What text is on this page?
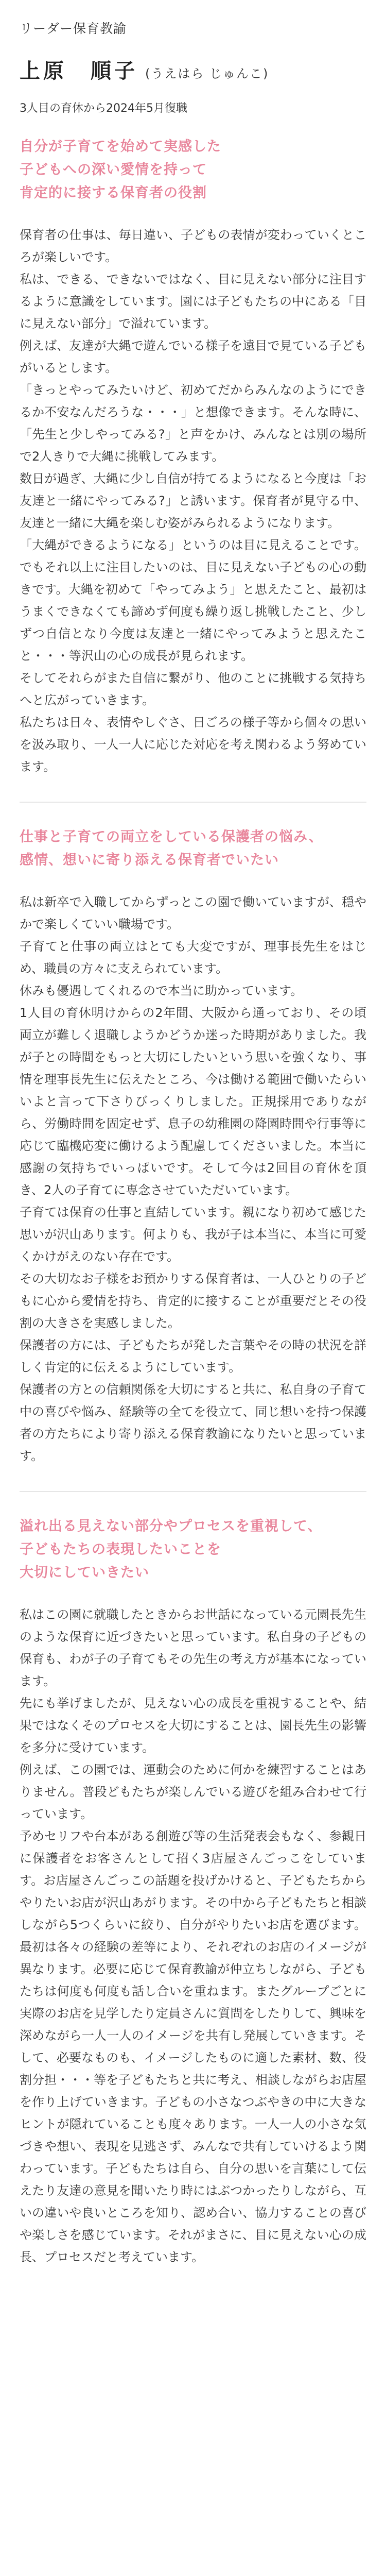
リーダー保育教諭
上原　順子 (うえはら じゅんこ)
3人目の育休から2024年5月復職
自分が子育てを始めて実感した
子どもへの深い愛情を持って
肯定的に接する保育者の役割

保育者の仕事は、毎日違い、子どもの表情が変わっていくところが楽しいです。

私は、できる、できないではなく、目に見えない部分に注目するように意識をしています。園には子どもたちの中にある「目に見えない部分」で溢れています。

例えば、友達が大縄で遊んでいる様子を遠目で見ている子どもがいるとします。

「きっとやってみたいけど、初めてだからみんなのようにできるか不安なんだろうな・・・」と想像できます。そんな時に、「先生と少しやってみる?」と声をかけ、みんなとは別の場所で2人きりで大縄に挑戦してみます。

数日が過ぎ、大縄に少し自信が持てるようになると今度は「お友達と一緒にやってみる?」と誘います。保育者が見守る中、友達と一緒に大縄を楽しむ姿がみられるようになります。

「大縄ができるようになる」というのは目に見えることです。でもそれ以上に注目したいのは、目に見えない子どもの心の動きです。大縄を初めて「やってみよう」と思えたこと、最初はうまくできなくても諦めず何度も繰り返し挑戦したこと、少しずつ自信となり今度は友達と一緒にやってみようと思えたこと・・・等沢山の心の成長が見られます。

そしてそれらがまた自信に繋がり、他のことに挑戦する気持ちへと広がっていきます。

私たちは日々、表情やしぐさ、日ごろの様子等から個々の思いを汲み取り、一人一人に応じた対応を考え関わるよう努めています。

仕事と子育ての両立をしている保護者の悩み、
感情、想いに寄り添える保育者でいたい

私は新卒で入職してからずっとこの園で働いていますが、穏やかで楽しくていい職場です。

子育てと仕事の両立はとても大変ですが、理事長先生をはじめ、職員の方々に支えられています。

休みも優遇してくれるので本当に助かっています。

1人目の育休明けからの2年間、大阪から通っており、その頃両立が難しく退職しようかどうか迷った時期がありました。我が子との時間をもっと大切にしたいという思いを強くなり、事情を理事長先生に伝えたところ、今は働ける範囲で働いたらいいよと言って下さりびっくりしました。正規採用でありながら、労働時間を固定せず、息子の幼稚園の降園時間や行事等に応じて臨機応変に働けるよう配慮してくださいました。本当に感謝の気持ちでいっぱいです。そして今は2回目の育休を頂き、2人の子育てに専念させていただいています。

子育ては保育の仕事と直結しています。親になり初めて感じた思いが沢山あります。何よりも、我が子は本当に、本当に可愛くかけがえのない存在です。

その大切なお子様をお預かりする保育者は、一人ひとりの子どもに心から愛情を持ち、肯定的に接することが重要だとその役割の大きさを実感しました。

保護者の方には、子どもたちが発した言葉やその時の状況を詳しく肯定的に伝えるようにしています。

保護者の方との信頼関係を大切にすると共に、私自身の子育て中の喜びや悩み、経験等の全てを役立て、同じ想いを持つ保護者の方たちにより寄り添える保育教諭になりたいと思っています。

溢れ出る見えない部分やプロセスを重視して、
子どもたちの表現したいことを
大切にしていきたい

私はこの園に就職したときからお世話になっている元園長先生のような保育に近づきたいと思っています。私自身の子どもの保育も、わが子の子育てもその先生の考え方が基本になっています。

先にも挙げましたが、見えない心の成長を重視することや、結果ではなくそのプロセスを大切にすることは、園長先生の影響を多分に受けています。

例えば、この園では、運動会のために何かを練習することはありません。普段どもたちが楽しんでいる遊びを組み合わせて行っています。

予めセリフや台本がある創遊び等の生活発表会もなく、参観日に保護者をお客さんとして招く3店屋さんごっこをしています。お店屋さんごっこの話題を投げかけると、子どもたちからやりたいお店が沢山あがります。その中から子どもたちと相談しながら5つくらいに絞り、自分がやりたいお店を選びます。最初は各々の経験の差等により、それぞれのお店のイメージが異なります。必要に応じて保育教諭が仲立ちしながら、子どもたちは何度も何度も話し合いを重ねます。またグループごとに実際のお店を見学したり定員さんに質問をしたりして、興味を深めながら一人一人のイメージを共有し発展していきます。そして、必要なものも、イメージしたものに適した素材、数、役割分担・・・等を子どもたちと共に考え、相談しながらお店屋を作り上げていきます。子どもの小さなつぶやきの中に大きなヒントが隠れていることも度々あります。一人一人の小さな気づきや想い、表現を見逃さず、みんなで共有していけるよう関わっています。子どもたちは自ら、自分の思いを言葉にして伝えたり友達の意見を聞いたり時にはぶつかったりしながら、互いの違いや良いところを知り、認め合い、協力することの喜びや楽しさを感じています。それがまさに、目に見えない心の成長、プロセスだと考えています。
